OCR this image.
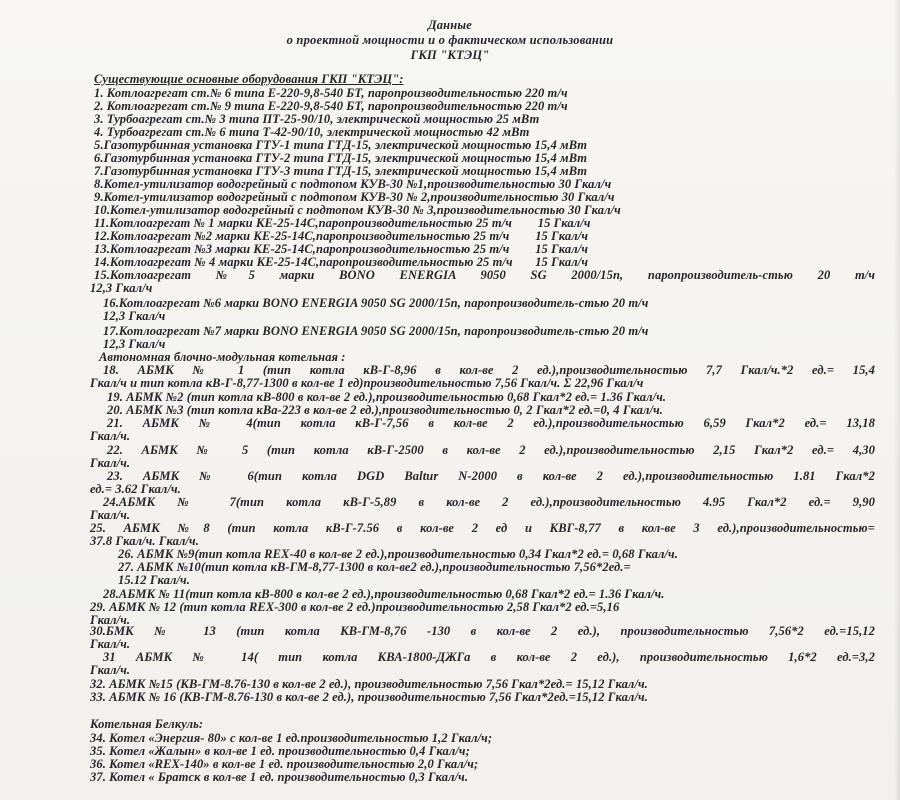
Данные
о проектной мощности и о фактическом использовании
ГКП "КТЭЦ"
Существующие основные оборудования ГКП "КТЭЦ":
1. Котлоагрегат ст.№ 6 типа Е-220-9,8-540 БТ, паропроизводительностью 220 т/ч
2. Котлоагрегат ст.№ 9 типа Е-220-9,8-540 БТ, паропроизводительностью 220 т/ч
3. Турбоагрегат ст.№ 3 типа ПТ-25-90/10, электрической мощностью 25 мВт
4. Турбоагрегат ст.№ 6 типа Т-42-90/10, электрической мощностью 42 мВт
5.Газотурбинная установка ГТУ-1 типа ГТД-15, электрической мощностью 15,4 мВт
6.Газотурбинная установка ГТУ-2 типа ГТД-15, электрической мощностью 15,4 мВт
7.Газотурбинная установка ГТУ-3 типа ГТД-15, электрической мощностью 15,4 мВт
8.Котел-утилизатор водогрейный с подтопом КУВ-30 №1,производительностью 30 Гкал/ч
9.Котел-утилизатор водогрейный с подтопом КУВ-30 № 2,производительностью 30 Гкал/ч
10.Котел-утилизатор водогрейный с подтопом КУВ-30 № 3,производительностью 30 Гкал/ч
11.Котлоагрегат № 1 марки КЕ-25-14С,паропроизводительностью 25 т/ч        15 Гкал/ч
12.Котлоагрегат №2 марки КЕ-25-14С,паропроизводительностью 25 т/ч        15 Гкал/ч
13.Котлоагрегат №3 марки КЕ-25-14С,паропроизводительностью 25 т/ч        15 Гкал/ч
14.Котлоагрегат № 4 марки КЕ-25-14С,паропроизводительностью 25 т/ч       15 Гкал/ч
15.Котлоагрегат №5 марки BONO ENERGIA 9050 SG 2000/15п, паропроизводитель-стью 20 т/ч
12,3 Гкал/ч
16.Котлоагрегат №6 марки BONO ENERGIA 9050 SG 2000/15п, паропроизводитель-стью 20 т/ч
12,3 Гкал/ч
17.Котлоагрегат №7 марки BONO ENERGIA 9050 SG 2000/15п, паропроизводитель-стью 20 т/ч
12,3 Гкал/ч
Автономная блочно-модульная котельная :
18. АБМК № 1 (тип котла кВ-Г-8,96 в кол-ве 2 ед.),производительностью 7,7 Гкал/ч.*2 ед.= 15,4
Гкал/ч и тип котла кВ-Г-8,77-1300 в кол-ве 1 ед)производительностью 7,56 Гкал/ч. Σ 22,96 Гкал/ч
19. АБМК №2 (тип котла кВ-800 в кол-ве 2 ед.),производительностью 0,68 Гкал*2 ед.= 1.36 Гкал/ч.
20. АБМК №3 (тип котла кВа-223 в кол-ве 2 ед.),производительностью 0, 2 Гкал*2 ед.=0, 4 Гкал/ч.
21. АБМК № 4(тип котла кВ-Г-7,56 в кол-ве 2 ед.),производительностью 6,59 Гкал*2 ед.= 13,18
Гкал/ч.
22. АБМК № 5 (тип котла кВ-Г-2500 в кол-ве 2 ед.),производительностью 2,15 Гкал*2 ед.= 4,30
Гкал/ч.
23. АБМК № 6(тип котла DGD Baltur N-2000 в кол-ве 2 ед.),производительностью 1.81 Гкал*2
ед.= 3.62 Гкал/ч.
24.АБМК № 7(тип котла кВ-Г-5,89 в кол-ве 2 ед.),производительностью 4.95 Гкал*2 ед.= 9,90
Гкал/ч.
25. АБМК №8 (тип котла кВ-Г-7.56 в кол-ве 2 ед и КВГ-8,77 в кол-ве 3 ед.),производительностью=
37.8 Гкал/ч. Гкал/ч.
26. АБМК №9(тип котла REX-40 в кол-ве 2 ед.),производительностью 0,34 Гкал*2 ед.= 0,68 Гкал/ч.
27. АБМК №10(тип котла кВ-ГМ-8,77-1300 в кол-ве2 ед.),производительностью 7,56*2ед.=
15.12 Гкал/ч.
28.АБМК № 11(тип котла кВ-800 в кол-ве 2 ед.),производительностью 0,68 Гкал*2 ед.= 1.36 Гкал/ч.
29. АБМК № 12 (тип котла REX-300 в кол-ве 2 ед.)производительностью 2,58 Гкал*2 ед.=5,16
Гкал/ч.
30.БМК № 13 (тип котла КВ-ГМ-8,76 -130 в кол-ве 2 ед.), производительностью 7,56*2 ед.=15,12
Гкал/ч.
31 АБМК № 14( тип котла КВА-1800-ДЖГа в кол-ве 2 ед.), производительностью 1,6*2 ед.=3,2
Гкал/ч.
32. АБМК №15 (КВ-ГМ-8.76-130 в кол-ве 2 ед.), производительностью 7,56 Гкал*2ед.= 15,12 Гкал/ч.
33. АБМК № 16 (КВ-ГМ-8.76-130 в кол-ве 2 ед.), производительностью 7,56 Гкал*2ед.=15,12 Гкал/ч.
Котельная Белкуль:
34. Котел «Энергия- 80» с кол-ве 1 ед.производительностью 1,2 Гкал/ч;
35. Котел «Жалын» в кол-ве 1 ед. производительностью 0,4 Гкал/ч;
36. Котел «REX-140» в кол-ве 1 ед. производительностью 2,0 Гкал/ч;
37. Котел « Братск в кол-ве 1 ед. производительностью 0,3 Гкал/ч.
